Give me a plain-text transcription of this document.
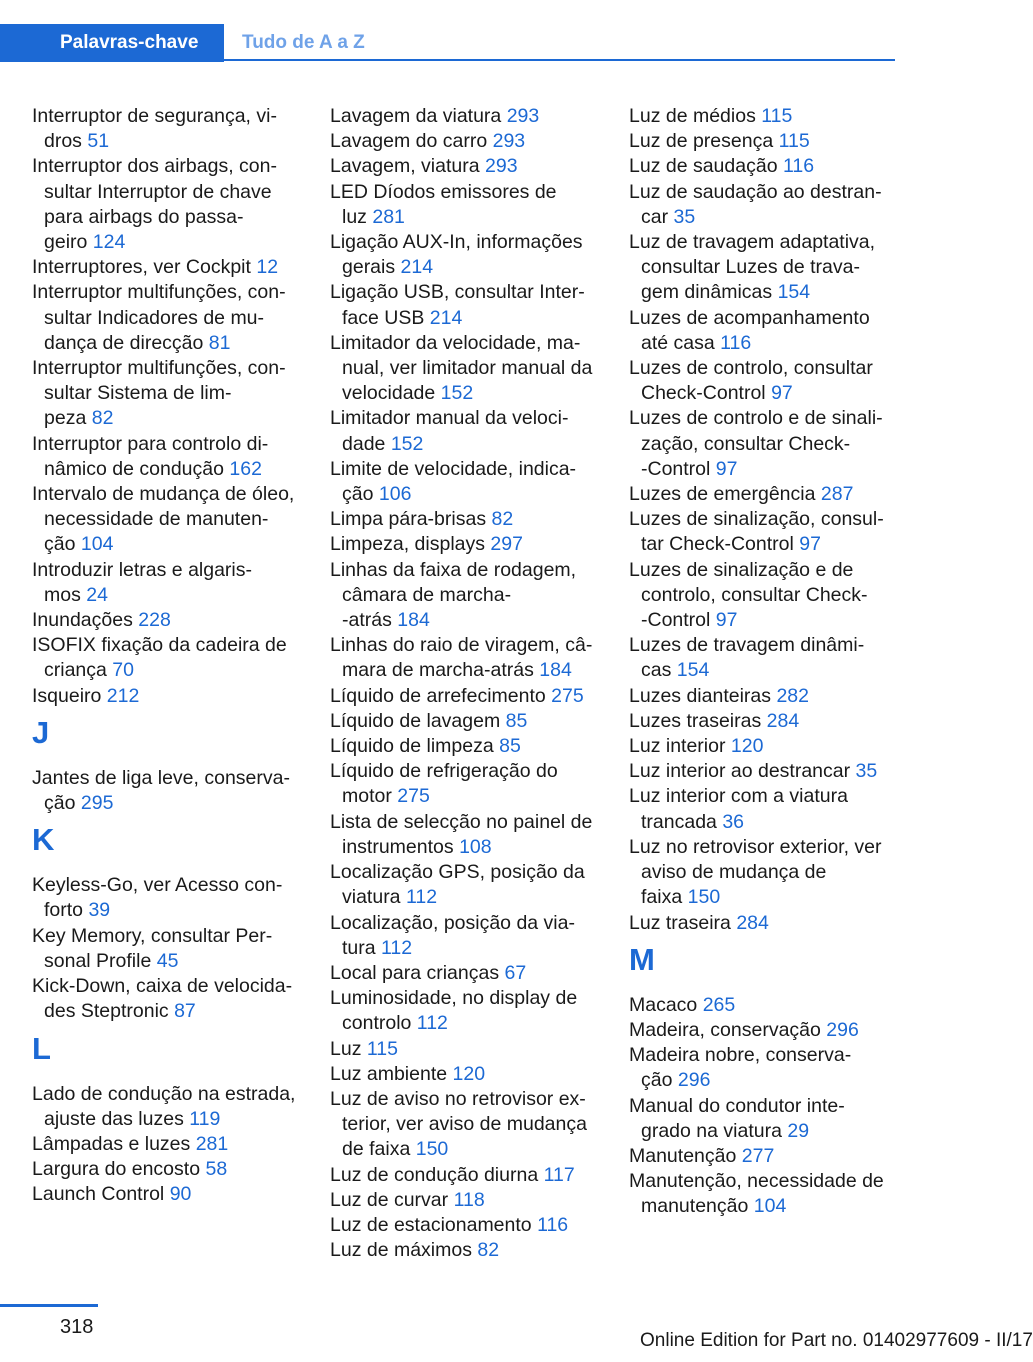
Palavras-chave	Tudo de A a Z
Interruptor de segurança, vi-
dros 51
Interruptor dos airbags, con-
sultar Interruptor de chave
para airbags do passa-
geiro 124
Interruptores, ver Cockpit 12
Interruptor multifunções, con-
sultar Indicadores de mu-
dança de direcção 81
Interruptor multifunções, con-
sultar Sistema de lim-
peza 82
Interruptor para controlo di-
nâmico de condução 162
Intervalo de mudança de óleo,
necessidade de manuten-
ção 104
Introduzir letras e algaris-
mos 24
Inundações 228
ISOFIX fixação da cadeira de
criança 70
Isqueiro 212
J
Jantes de liga leve, conserva-
ção 295
K
Keyless-Go, ver Acesso con-
forto 39
Key Memory, consultar Per-
sonal Profile 45
Kick-Down, caixa de velocida-
des Steptronic 87
L
Lado de condução na estrada,
ajuste das luzes 119
Lâmpadas e luzes 281
Largura do encosto 58
Launch Control 90
Lavagem da viatura 293
Lavagem do carro 293
Lavagem, viatura 293
LED Díodos emissores de
luz 281
Ligação AUX-In, informações
gerais 214
Ligação USB, consultar Inter-
face USB 214
Limitador da velocidade, ma-
nual, ver limitador manual da
velocidade 152
Limitador manual da veloci-
dade 152
Limite de velocidade, indica-
ção 106
Limpa pára-brisas 82
Limpeza, displays 297
Linhas da faixa de rodagem,
câmara de marcha-
-atrás 184
Linhas do raio de viragem, câ-
mara de marcha-atrás 184
Líquido de arrefecimento 275
Líquido de lavagem 85
Líquido de limpeza 85
Líquido de refrigeração do
motor 275
Lista de selecção no painel de
instrumentos 108
Localização GPS, posição da
viatura 112
Localização, posição da via-
tura 112
Local para crianças 67
Luminosidade, no display de
controlo 112
Luz 115
Luz ambiente 120
Luz de aviso no retrovisor ex-
terior, ver aviso de mudança
de faixa 150
Luz de condução diurna 117
Luz de curvar 118
Luz de estacionamento 116
Luz de máximos 82
Luz de médios 115
Luz de presença 115
Luz de saudação 116
Luz de saudação ao destran-
car 35
Luz de travagem adaptativa,
consultar Luzes de trava-
gem dinâmicas 154
Luzes de acompanhamento
até casa 116
Luzes de controlo, consultar
Check-Control 97
Luzes de controlo e de sinali-
zação, consultar Check-
-Control 97
Luzes de emergência 287
Luzes de sinalização, consul-
tar Check-Control 97
Luzes de sinalização e de
controlo, consultar Check-
-Control 97
Luzes de travagem dinâmi-
cas 154
Luzes dianteiras 282
Luzes traseiras 284
Luz interior 120
Luz interior ao destrancar 35
Luz interior com a viatura
trancada 36
Luz no retrovisor exterior, ver
aviso de mudança de
faixa 150
Luz traseira 284
M
Macaco 265
Madeira, conservação 296
Madeira nobre, conserva-
ção 296
Manual do condutor inte-
grado na viatura 29
Manutenção 277
Manutenção, necessidade de
manutenção 104
318
Online Edition for Part no. 01402977609 - II/17
